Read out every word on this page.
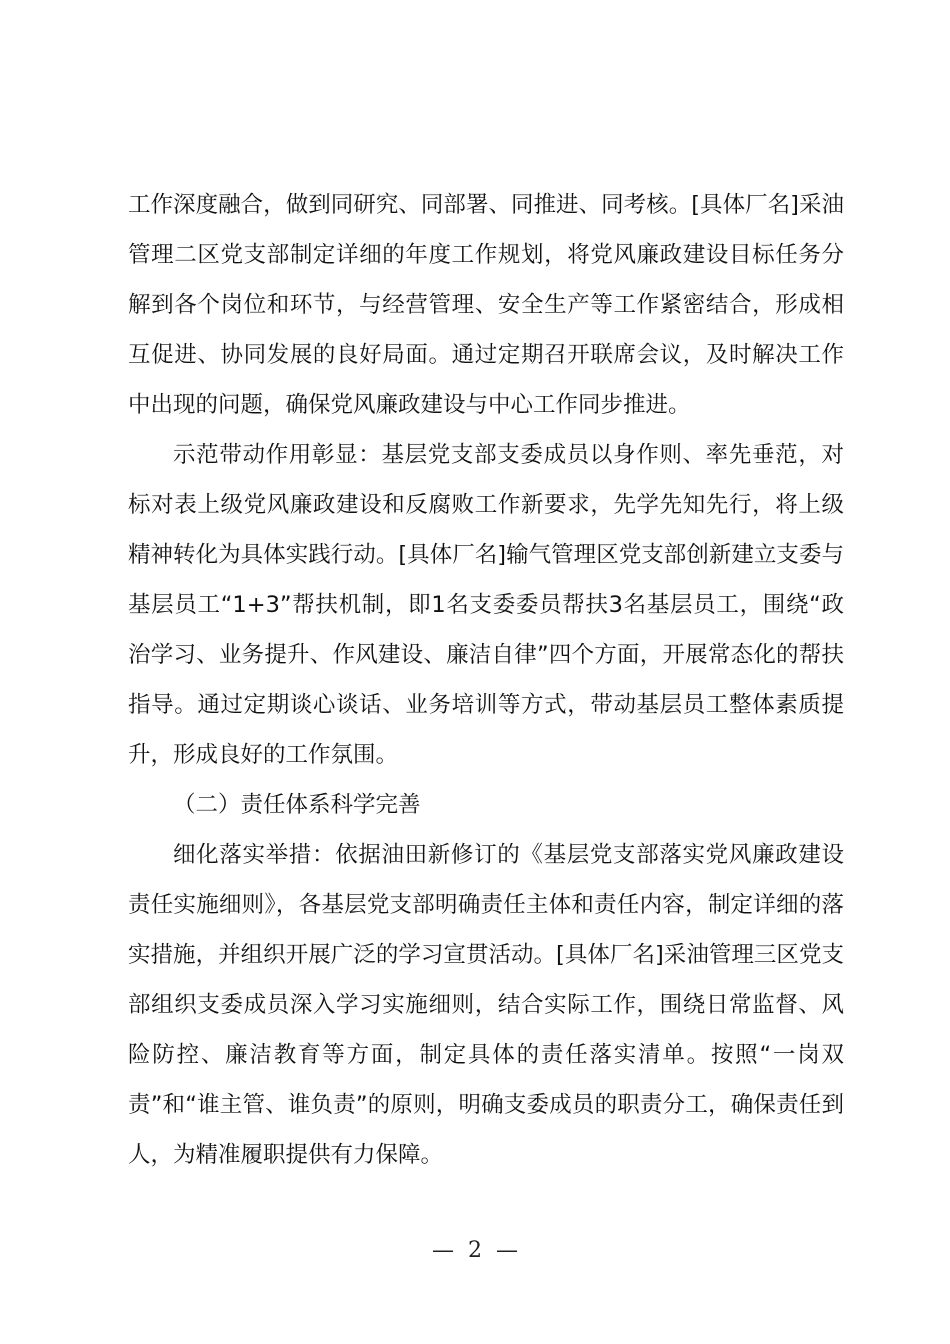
工作深度融合，做到同研究、同部署、同推进、同考核。[具体厂名]采油管理二区党支部制定详细的年度工作规划，将党风廉政建设目标任务分解到各个岗位和环节，与经营管理、安全生产等工作紧密结合，形成相互促进、协同发展的良好局面。通过定期召开联席会议，及时解决工作中出现的问题，确保党风廉政建设与中心工作同步推进。

示范带动作用彰显：基层党支部支委成员以身作则、率先垂范，对标对表上级党风廉政建设和反腐败工作新要求，先学先知先行，将上级精神转化为具体实践行动。[具体厂名]输气管理区党支部创新建立支委与基层员工“1+3”帮扶机制，即1名支委委员帮扶3名基层员工，围绕“政治学习、业务提升、作风建设、廉洁自律”四个方面，开展常态化的帮扶指导。通过定期谈心谈话、业务培训等方式，带动基层员工整体素质提升，形成良好的工作氛围。

（二）责任体系科学完善

细化落实举措：依据油田新修订的《基层党支部落实党风廉政建设责任实施细则》，各基层党支部明确责任主体和责任内容，制定详细的落实措施，并组织开展广泛的学习宣贯活动。[具体厂名]采油管理三区党支部组织支委成员深入学习实施细则，结合实际工作，围绕日常监督、风险防控、廉洁教育等方面，制定具体的责任落实清单。按照“一岗双责”和“谁主管、谁负责”的原则，明确支委成员的职责分工，确保责任到人，为精准履职提供有力保障。

— 2 —
